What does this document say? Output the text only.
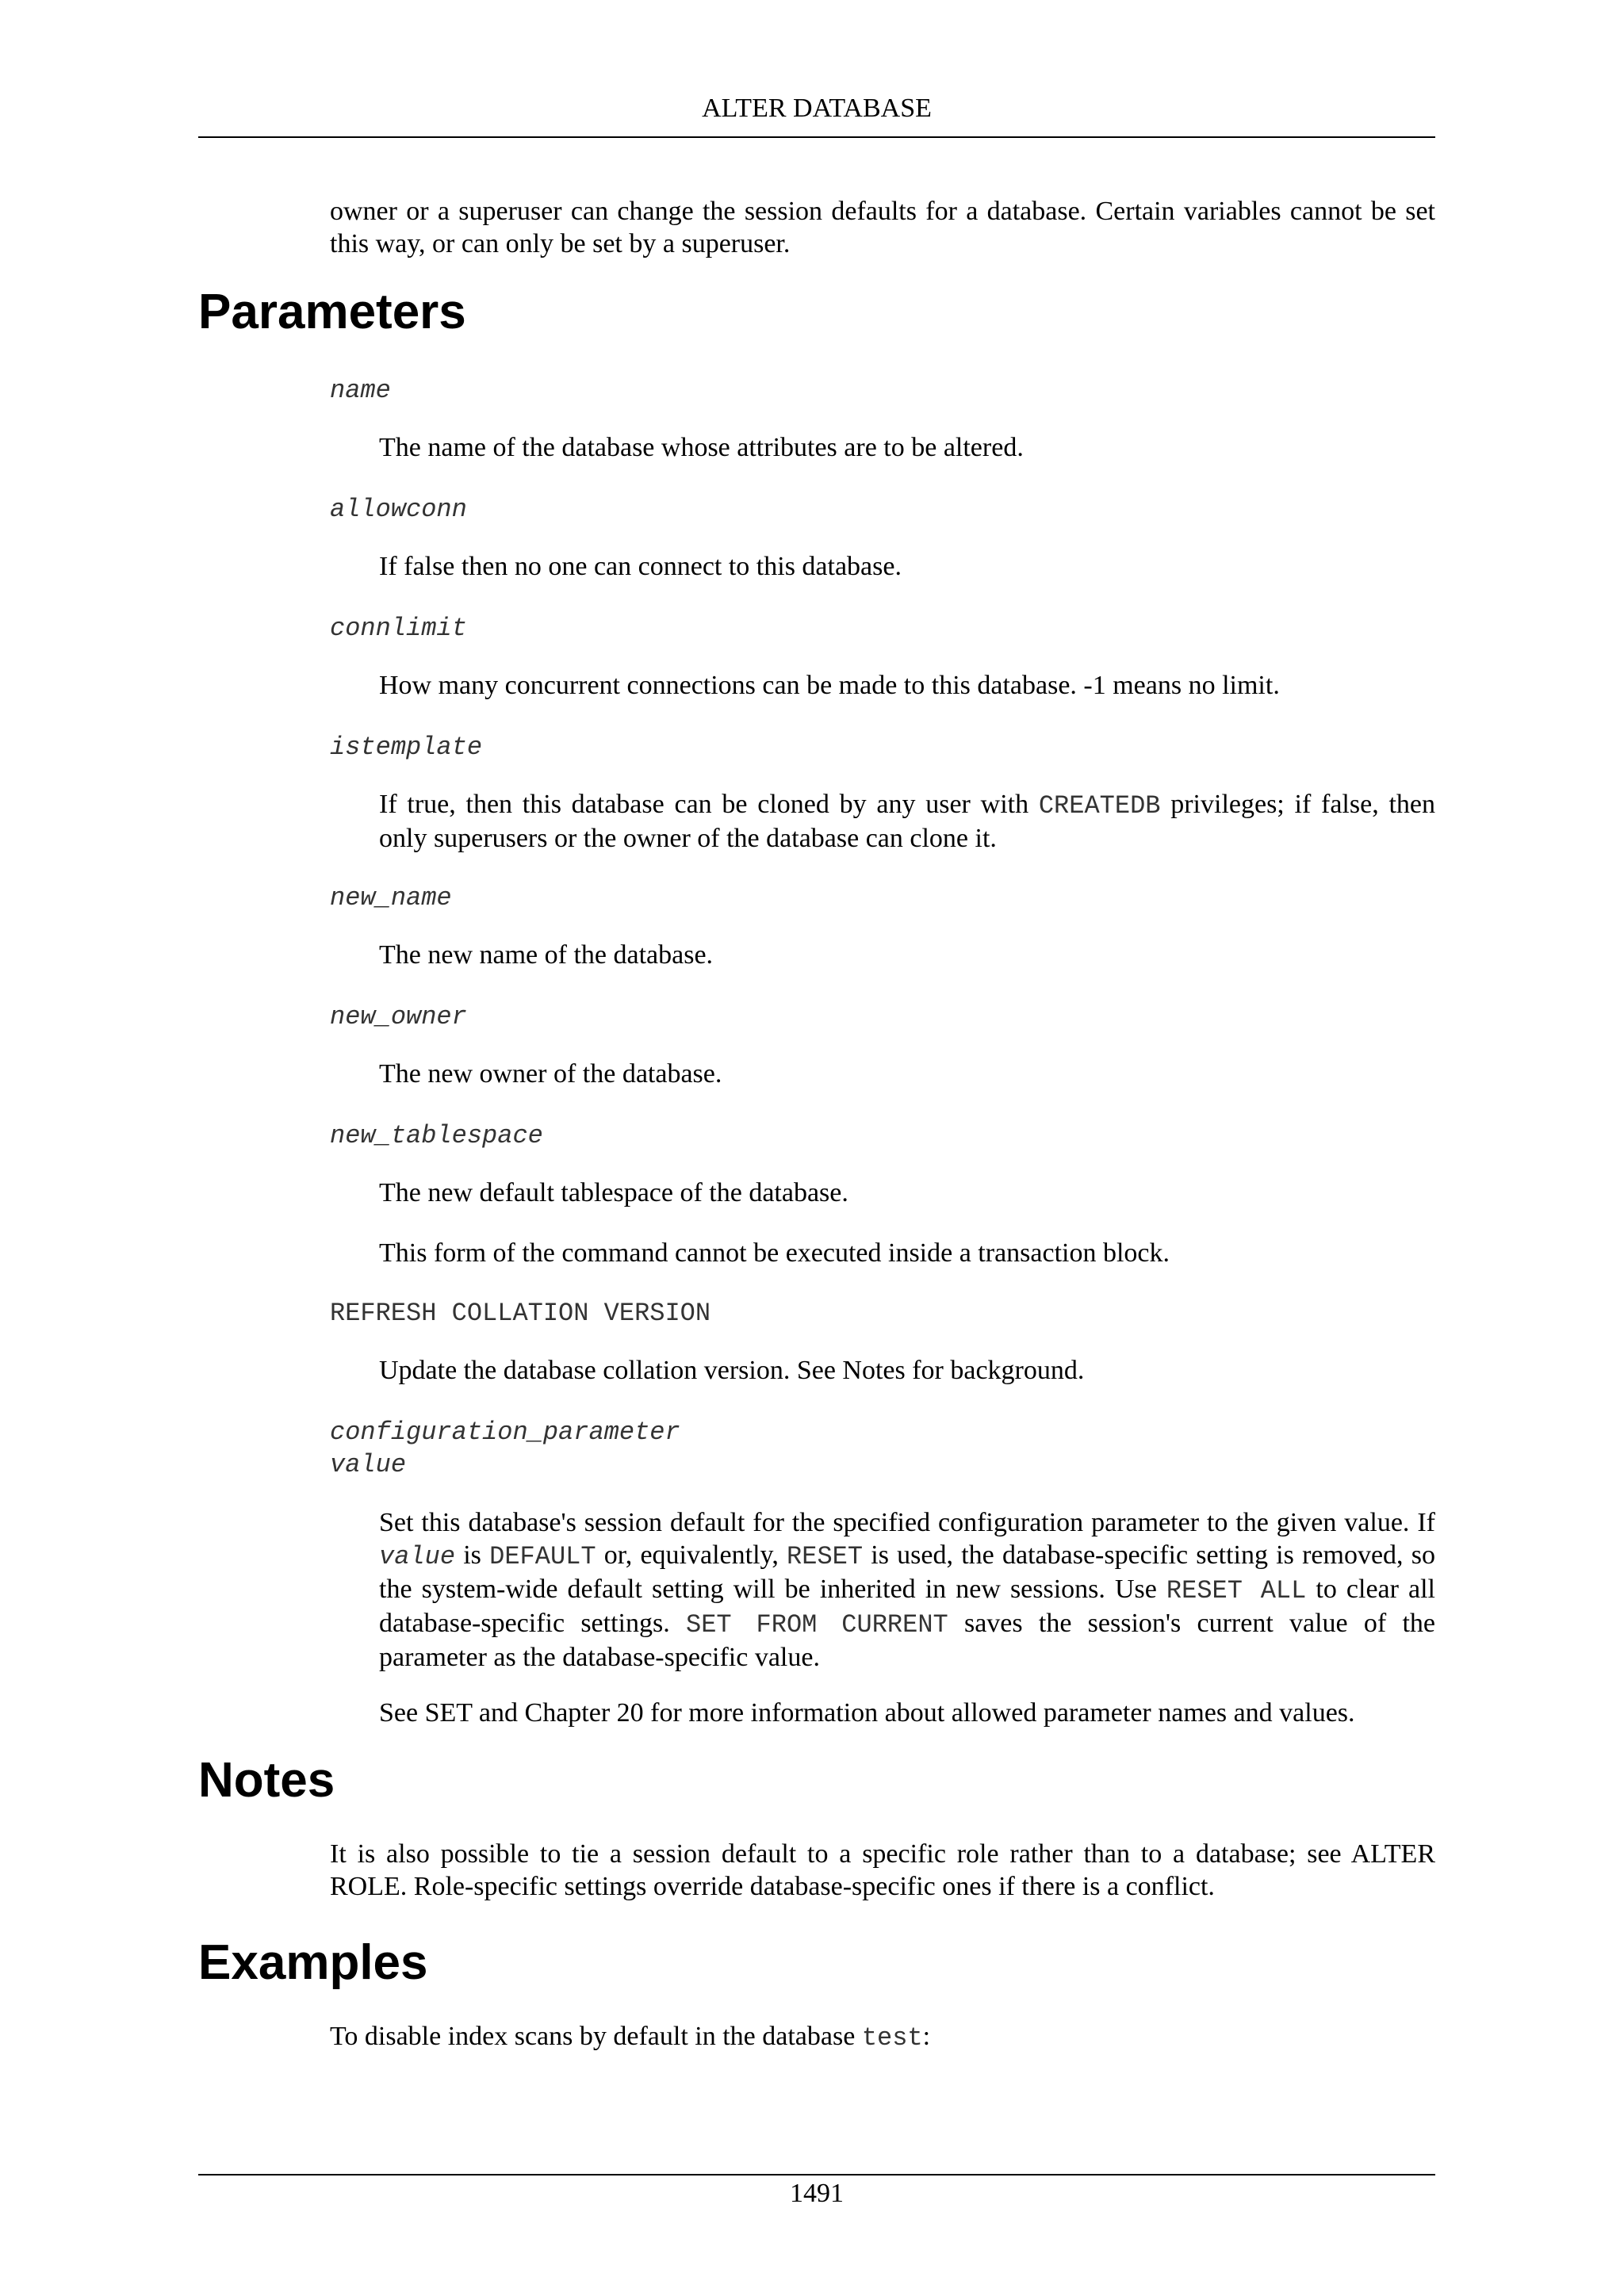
ALTER DATABASE

owner or a superuser can change the session defaults for a database. Certain variables cannot be set this way, or can only be set by a superuser.

Parameters
name

The name of the database whose attributes are to be altered.

allowconn

If false then no one can connect to this database.

connlimit

How many concurrent connections can be made to this database. -1 means no limit.

istemplate

If true, then this database can be cloned by any user with CREATEDB privileges; if false, then only superusers or the owner of the database can clone it.

new_name

The new name of the database.

new_owner

The new owner of the database.

new_tablespace

The new default tablespace of the database.

This form of the command cannot be executed inside a transaction block.

REFRESH COLLATION VERSION

Update the database collation version. See Notes for background.

configuration_parameter
value

Set this database's session default for the specified configuration parameter to the given value. If value is DEFAULT or, equivalently, RESET is used, the database-specific setting is removed, so the system-wide default setting will be inherited in new sessions. Use RESET ALL to clear all database-specific settings. SET FROM CURRENT saves the session's current value of the parameter as the database-specific value.

See SET and Chapter 20 for more information about allowed parameter names and values.

Notes

It is also possible to tie a session default to a specific role rather than to a database; see ALTER ROLE. Role-specific settings override database-specific ones if there is a conflict.

Examples

To disable index scans by default in the database test:

1491
